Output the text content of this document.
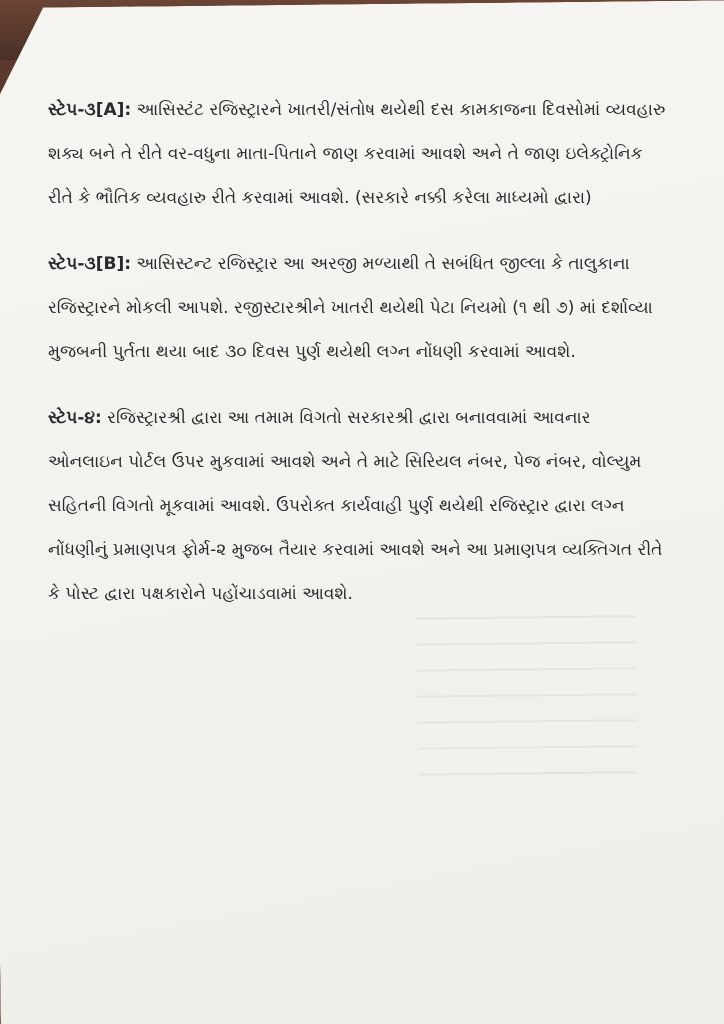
સ્ટેપ-૩[A]: આસિસ્ટંટ રજિસ્ટ્રારને ખાતરી/સંતોષ થયેથી દસ કામકાજના દિવસોમાં વ્યવહારુ શક્ય બને તે રીતે વર-વધુના માતા-પિતાને જાણ કરવામાં આવશે અને તે જાણ ઇલેક્ટ્રોનિક રીતે કે ભૌતિક વ્યવહારુ રીતે કરવામાં આવશે. (સરકારે નક્કી કરેલા માધ્યમો દ્વારા)

સ્ટેપ-૩[B]: આસિસ્ટન્ટ રજિસ્ટ્રાર આ અરજી મળ્યાથી તે સબંધિત જીલ્લા કે તાલુકાના રજિસ્ટ્રારને મોકલી આપશે. રજીસ્ટારશ્રીને ખાતરી થયેથી પેટા નિયમો (૧ થી ૭) માં દર્શાવ્યા મુજબની પુર્તતા થયા બાદ ૩૦ દિવસ પુર્ણ થયેથી લગ્ન નોંધણી કરવામાં આવશે.

સ્ટેપ-૪: રજિસ્ટ્રારશ્રી દ્વારા આ તમામ વિગતો સરકારશ્રી દ્વારા બનાવવામાં આવનાર ઓનલાઇન પોર્ટલ ઉપર મુકવામાં આવશે અને તે માટે સિરિયલ નંબર, પેજ નંબર, વોલ્યુમ સહિતની વિગતો મૂકવામાં આવશે. ઉપરોક્ત કાર્યવાહી પુર્ણ થયેથી રજિસ્ટ્રાર દ્વારા લગ્ન નોંધણીનું પ્રમાણપત્ર ફોર્મ-૨ મુજબ તૈયાર કરવામાં આવશે અને આ પ્રમાણપત્ર વ્યક્તિગત રીતે કે પોસ્ટ દ્વારા પક્ષકારોને પહોંચાડવામાં આવશે.
